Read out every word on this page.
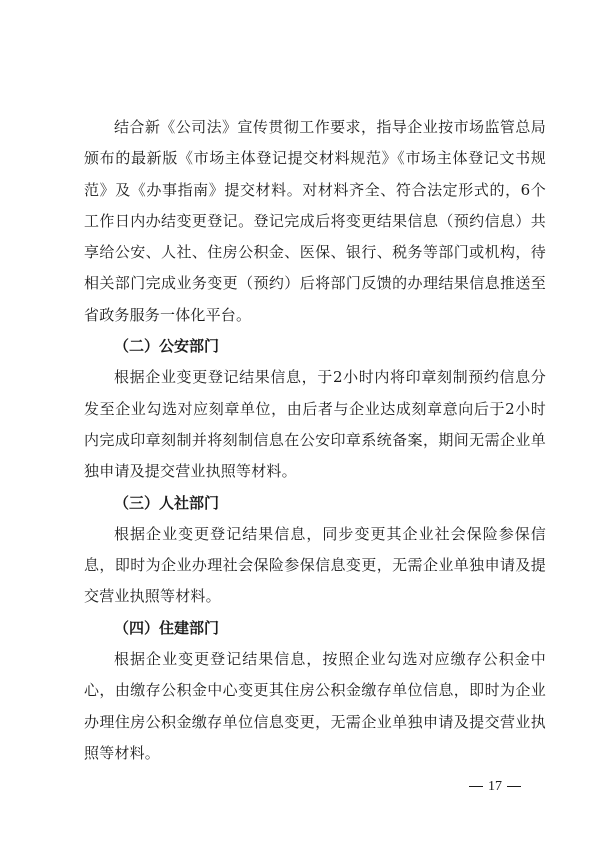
结合新《公司法》宣传贯彻工作要求，指导企业按市场监管总局颁布的最新版《市场主体登记提交材料规范》《市场主体登记文书规范》及《办事指南》提交材料。对材料齐全、符合法定形式的，6个工作日内办结变更登记。登记完成后将变更结果信息（预约信息）共享给公安、人社、住房公积金、医保、银行、税务等部门或机构，待相关部门完成业务变更（预约）后将部门反馈的办理结果信息推送至省政务服务一体化平台。

（二）公安部门

根据企业变更登记结果信息，于2小时内将印章刻制预约信息分发至企业勾选对应刻章单位，由后者与企业达成刻章意向后于2小时内完成印章刻制并将刻制信息在公安印章系统备案，期间无需企业单独申请及提交营业执照等材料。

（三）人社部门

根据企业变更登记结果信息，同步变更其企业社会保险参保信息，即时为企业办理社会保险参保信息变更，无需企业单独申请及提交营业执照等材料。

（四）住建部门

根据企业变更登记结果信息，按照企业勾选对应缴存公积金中心，由缴存公积金中心变更其住房公积金缴存单位信息，即时为企业办理住房公积金缴存单位信息变更，无需企业单独申请及提交营业执照等材料。

17
